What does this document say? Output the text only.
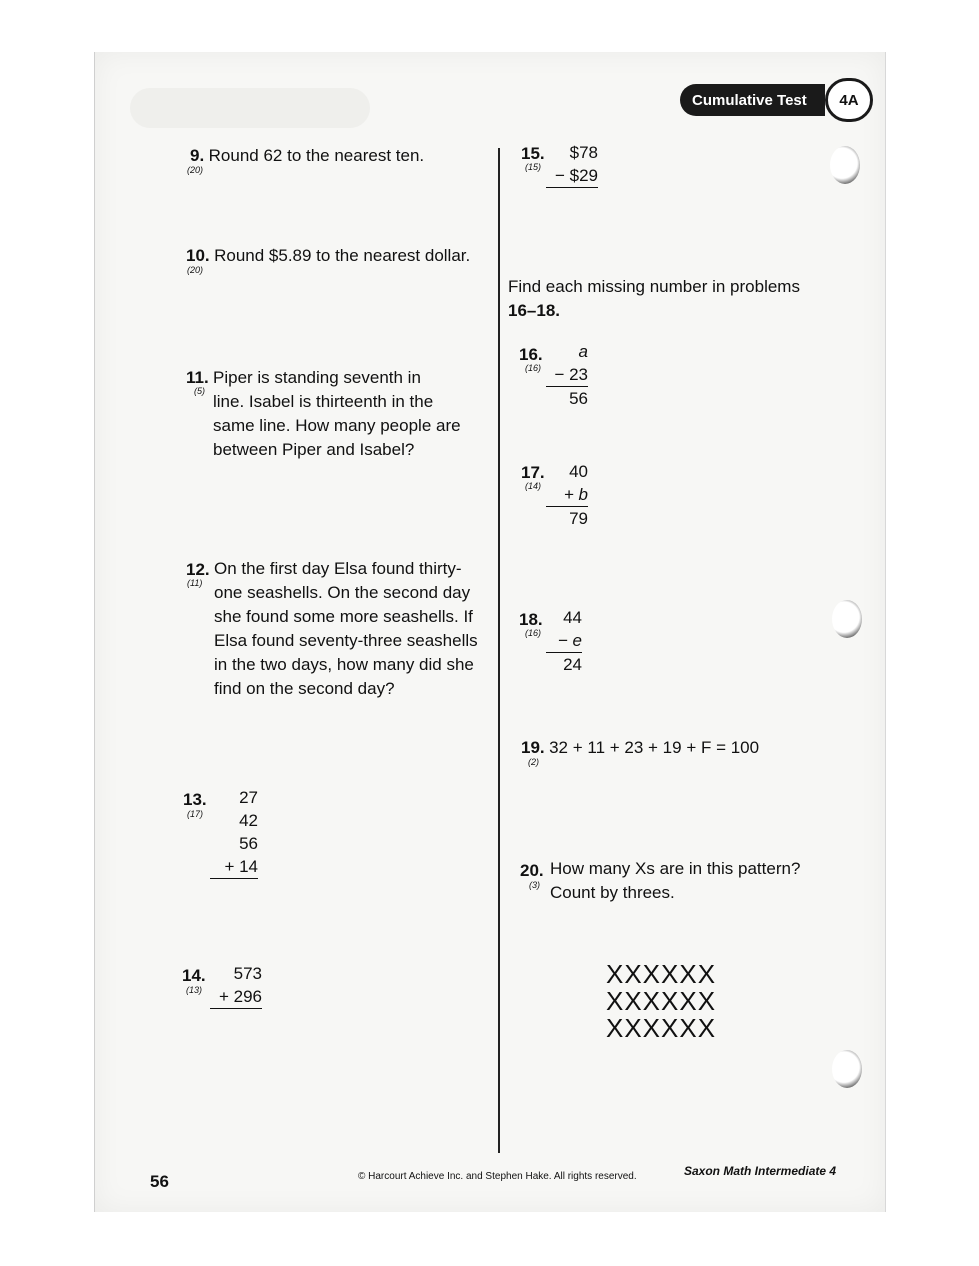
Cumulative Test	4A
9. Round 62 to the nearest ten.
(20)
10. Round $5.89 to the nearest dollar.
(20)
11.
(5)
Piper is standing seventh in
line. Isabel is thirteenth in the
same line. How many people are
between Piper and Isabel?
12.
(11)
On the first day Elsa found thirty-
one seashells. On the second day
she found some more seashells. If
Elsa found seventy-three seashells
in the two days, how many did she
find on the second day?
13.
(17)
27
42
56
+ 14
14.
(13)
573
+ 296
15.
(15)
$78
− $29
Find each missing number in problems
16–18.
16.
(16)
a
− 23
56
17.
(14)
40
+ b
79
18.
(16)
44
− e
24
19. 32 + 11 + 23 + 19 + F = 100
(2)
20.
(3)
How many Xs are in this pattern?
Count by threes.
XXXXXX
XXXXXX
XXXXXX
56	© Harcourt Achieve Inc. and Stephen Hake. All rights reserved.	Saxon Math Intermediate 4
